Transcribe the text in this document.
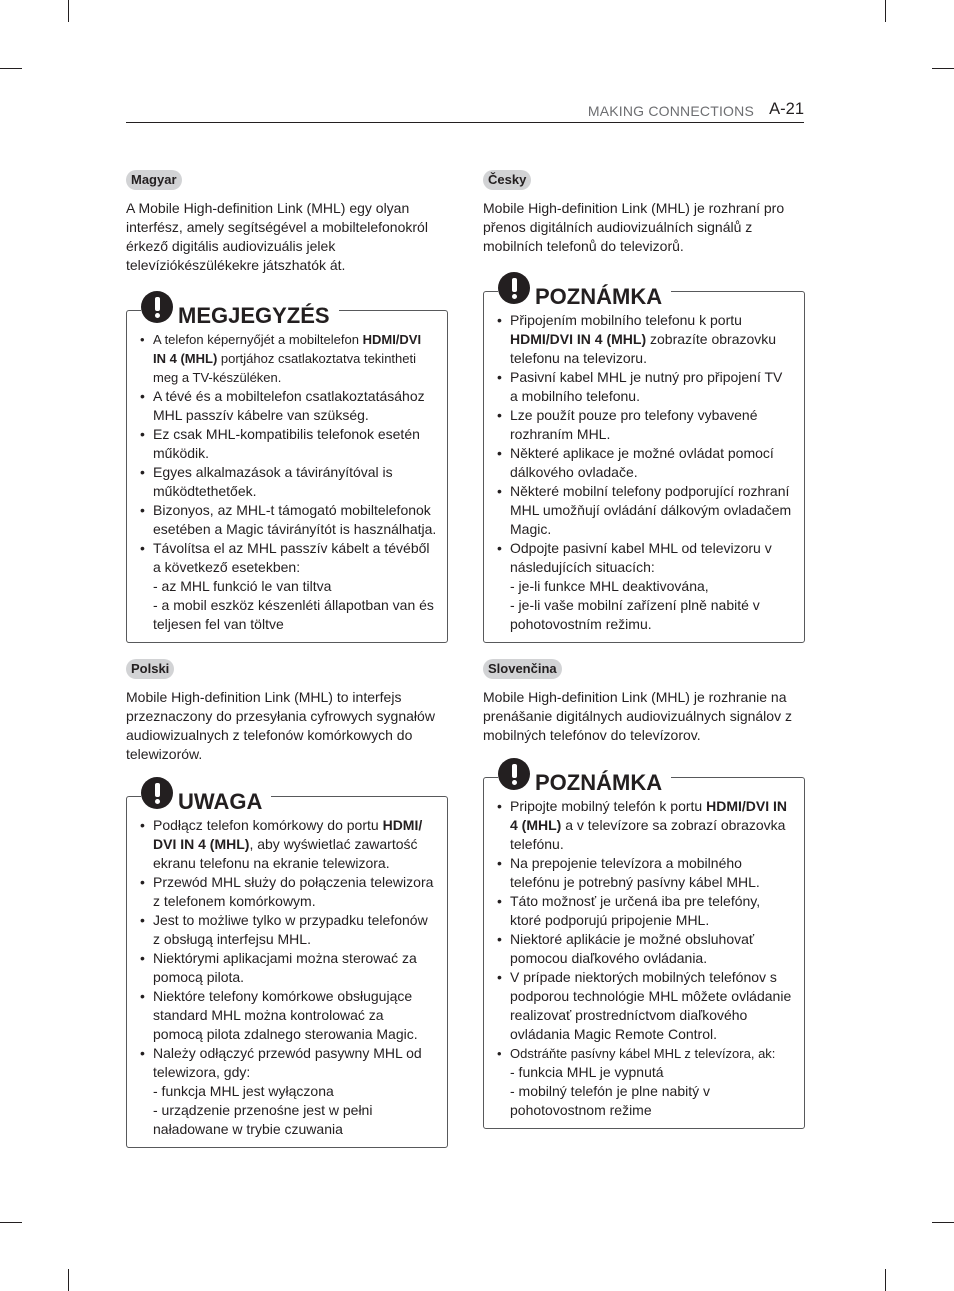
MAKING CONNECTIONS A-21
Magyar
A Mobile High-definition Link (MHL) egy olyan interfész, amely segítségével a mobiltelefonokról érkező digitális audiovizuális jelek televíziókészülékekre játszhatók át.
MEGJEGYZÉS
• A telefon képernyőjét a mobiltelefon HDMI/DVI IN 4 (MHL) portjához csatlakoztatva tekintheti meg a TV-készüléken.
• A tévé és a mobiltelefon csatlakoztatásához MHL passzív kábelre van szükség.
• Ez csak MHL-kompatibilis telefonok esetén működik.
• Egyes alkalmazások a távirányítóval is működtethetőek.
• Bizonyos, az MHL-t támogató mobiltelefonok esetében a Magic távirányítót is használhatja.
• Távolítsa el az MHL passzív kábelt a tévéből a következő esetekben:
- az MHL funkció le van tiltva
- a mobil eszköz készenléti állapotban van és teljesen fel van töltve
Polski
Mobile High-definition Link (MHL) to interfejs przeznaczony do przesyłania cyfrowych sygnałów audiowizualnych z telefonów komórkowych do telewizorów.
UWAGA
• Podłącz telefon komórkowy do portu HDMI/ DVI IN 4 (MHL), aby wyświetlać zawartość ekranu telefonu na ekranie telewizora.
• Przewód MHL służy do połączenia telewizora z telefonem komórkowym.
• Jest to możliwe tylko w przypadku telefonów z obsługą interfejsu MHL.
• Niektórymi aplikacjami można sterować za pomocą pilota.
• Niektóre telefony komórkowe obsługujące standard MHL można kontrolować za pomocą pilota zdalnego sterowania Magic.
• Należy odłączyć przewód pasywny MHL od telewizora, gdy:
- funkcja MHL jest wyłączona
- urządzenie przenośne jest w pełni naładowane w trybie czuwania
Česky
Mobile High-definition Link (MHL) je rozhraní pro přenos digitálních audiovizuálních signálů z mobilních telefonů do televizorů.
POZNÁMKA
• Připojením mobilního telefonu k portu HDMI/DVI IN 4 (MHL) zobrazíte obrazovku telefonu na televizoru.
• Pasivní kabel MHL je nutný pro připojení TV a mobilního telefonu.
• Lze použít pouze pro telefony vybavené rozhraním MHL.
• Některé aplikace je možné ovládat pomocí dálkového ovladače.
• Některé mobilní telefony podporující rozhraní MHL umožňují ovládání dálkovým ovladačem Magic.
• Odpojte pasivní kabel MHL od televizoru v následujících situacích:
- je-li funkce MHL deaktivována,
- je-li vaše mobilní zařízení plně nabité v pohotovostním režimu.
Slovenčina
Mobile High-definition Link (MHL) je rozhranie na prenášanie digitálnych audiovizuálnych signálov z mobilných telefónov do televízorov.
POZNÁMKA
• Pripojte mobilný telefón k portu HDMI/DVI IN 4 (MHL) a v televízore sa zobrazí obrazovka telefónu.
• Na prepojenie televízora a mobilného telefónu je potrebný pasívny kábel MHL.
• Táto možnosť je určená iba pre telefóny, ktoré podporujú pripojenie MHL.
• Niektoré aplikácie je možné obsluhovať pomocou diaľkového ovládania.
• V prípade niektorých mobilných telefónov s podporou technológie MHL môžete ovládanie realizovať prostredníctvom diaľkového ovládania Magic Remote Control.
• Odstráňte pasívny kábel MHL z televízora, ak:
- funkcia MHL je vypnutá
- mobilný telefón je plne nabitý v pohotovostnom režime
